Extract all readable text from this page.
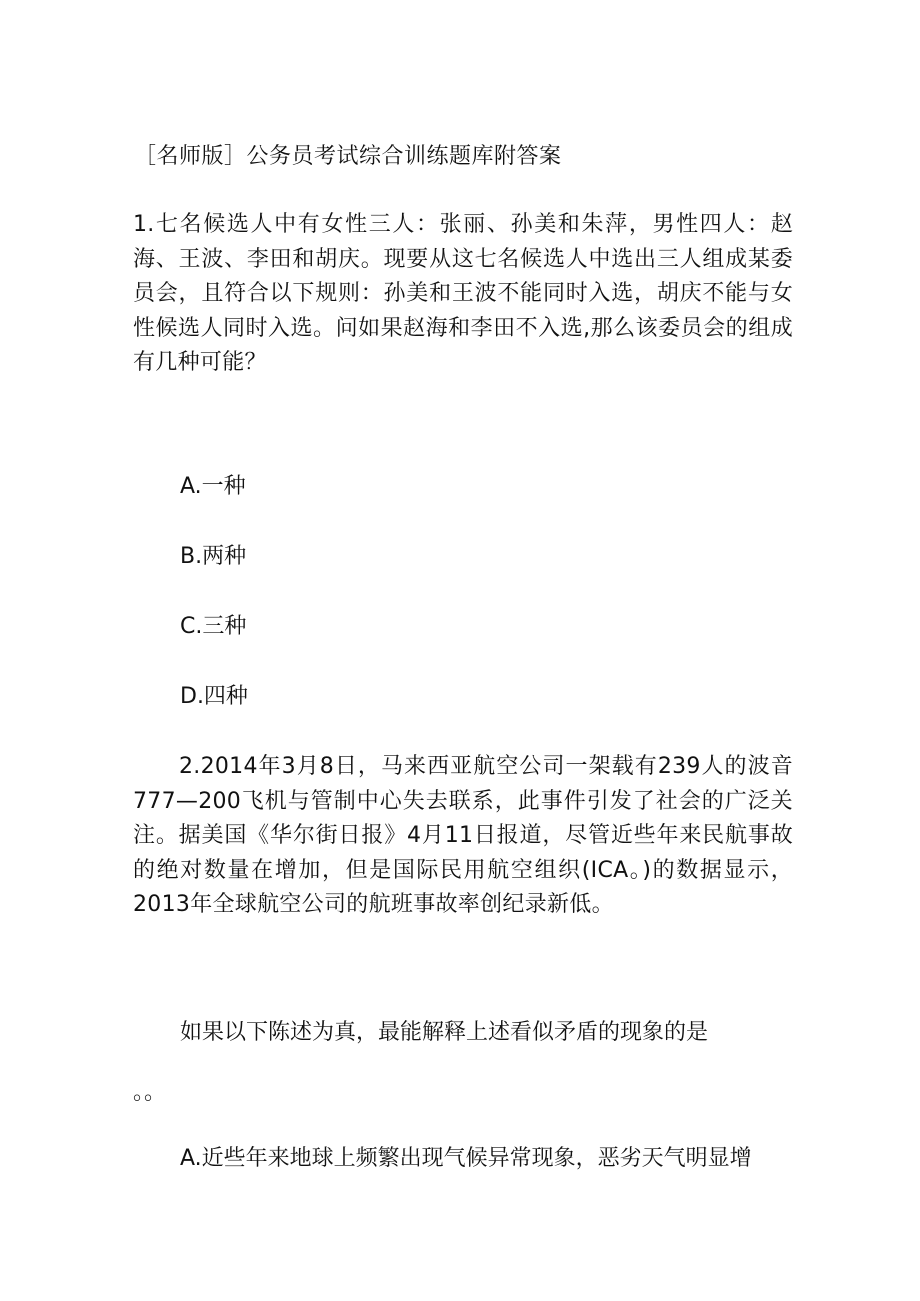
［名师版］公务员考试综合训练题库附答案
1.七名候选人中有女性三人：张丽、孙美和朱萍，男性四人：赵海、王波、李田和胡庆。现要从这七名候选人中选出三人组成某委员会，且符合以下规则：孙美和王波不能同时入选，胡庆不能与女性候选人同时入选。问如果赵海和李田不入选,那么该委员会的组成有几种可能？
A.一种
B.两种
C.三种
D.四种
2.2014年3月8日，马来西亚航空公司一架载有239人的波音777—200飞机与管制中心失去联系，此事件引发了社会的广泛关注。据美国《华尔街日报》4月11日报道，尽管近些年来民航事故的绝对数量在增加，但是国际民用航空组织(ICA。)的数据显示，2013年全球航空公司的航班事故率创纪录新低。
如果以下陈述为真，最能解释上述看似矛盾的现象的是
。。
A.近些年来地球上频繁出现气候异常现象，恶劣天气明显增
